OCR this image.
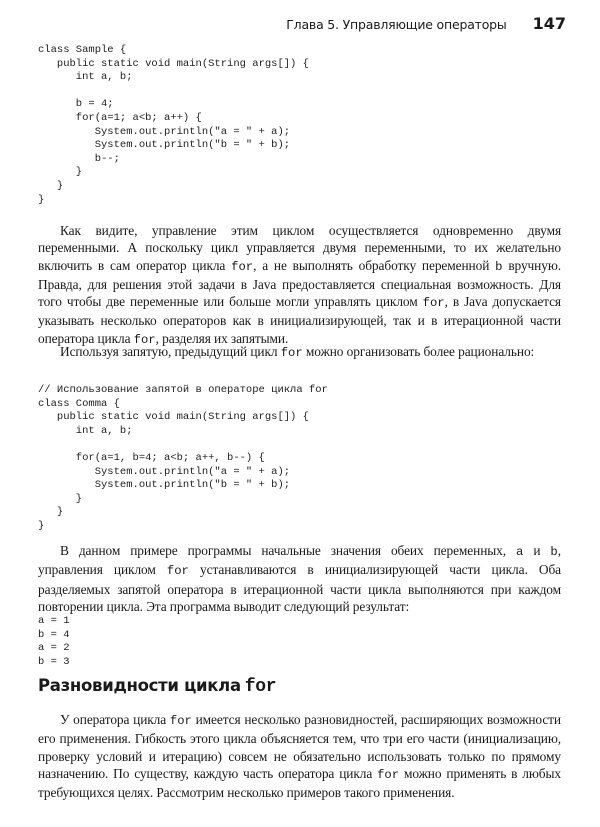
Глава 5. Управляющие операторы 147
class Sample {
public static void main(String args[]) {
int a, b;

b = 4;
for(a=1; a<b; a++) {
System.out.println("a = " + a);
System.out.println("b = " + b);
b--;
}
}
}

Как видите, управление этим циклом осуществляется одновременно двумя переменными. А поскольку цикл управляется двумя переменными, то их желательно включить в сам оператор цикла for, а не выполнять обработку переменной b вручную. Правда, для решения этой задачи в Java предоставляется специальная возможность. Для того чтобы две переменные или больше могли управлять циклом for, в Java допускается указывать несколько операторов как в инициализирующей, так и в итерационной части оператора цикла for, разделяя их запятыми.

Используя запятую, предыдущий цикл for можно организовать более рационально:

// Использование запятой в операторе цикла for
class Comma {
public static void main(String args[]) {
int a, b;

for(a=1, b=4; a<b; a++, b--) {
System.out.println("a = " + a);
System.out.println("b = " + b);
}
}
}

В данном примере программы начальные значения обеих переменных, a и b, управления циклом for устанавливаются в инициализирующей части цикла. Оба разделяемых запятой оператора в итерационной части цикла выполняются при каждом повторении цикла. Эта программа выводит следующий результат:

a = 1
b = 4
a = 2
b = 3
Разновидности цикла for

У оператора цикла for имеется несколько разновидностей, расширяющих возможности его применения. Гибкость этого цикла объясняется тем, что три его части (инициализацию, проверку условий и итерацию) совсем не обязательно использовать только по прямому назначению. По существу, каждую часть оператора цикла for можно применять в любых требующихся целях. Рассмотрим несколько примеров такого применения.
